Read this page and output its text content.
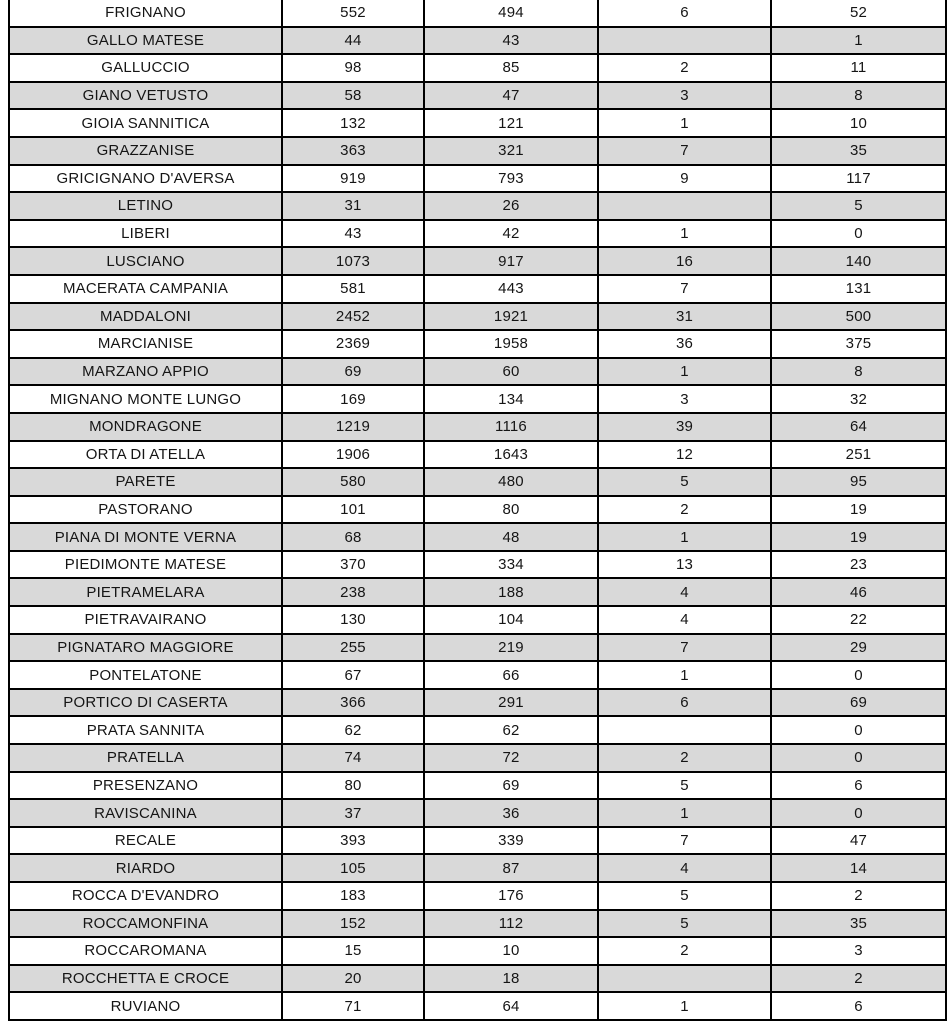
FRIGNANO	552	494	6	52
GALLO MATESE	44	43		1
GALLUCCIO	98	85	2	11
GIANO VETUSTO	58	47	3	8
GIOIA SANNITICA	132	121	1	10
GRAZZANISE	363	321	7	35
GRICIGNANO D'AVERSA	919	793	9	117
LETINO	31	26		5
LIBERI	43	42	1	0
LUSCIANO	1073	917	16	140
MACERATA CAMPANIA	581	443	7	131
MADDALONI	2452	1921	31	500
MARCIANISE	2369	1958	36	375
MARZANO APPIO	69	60	1	8
MIGNANO MONTE LUNGO	169	134	3	32
MONDRAGONE	1219	1116	39	64
ORTA DI ATELLA	1906	1643	12	251
PARETE	580	480	5	95
PASTORANO	101	80	2	19
PIANA DI MONTE VERNA	68	48	1	19
PIEDIMONTE MATESE	370	334	13	23
PIETRAMELARA	238	188	4	46
PIETRAVAIRANO	130	104	4	22
PIGNATARO MAGGIORE	255	219	7	29
PONTELATONE	67	66	1	0
PORTICO DI CASERTA	366	291	6	69
PRATA SANNITA	62	62		0
PRATELLA	74	72	2	0
PRESENZANO	80	69	5	6
RAVISCANINA	37	36	1	0
RECALE	393	339	7	47
RIARDO	105	87	4	14
ROCCA D'EVANDRO	183	176	5	2
ROCCAMONFINA	152	112	5	35
ROCCAROMANA	15	10	2	3
ROCCHETTA E CROCE	20	18		2
RUVIANO	71	64	1	6
